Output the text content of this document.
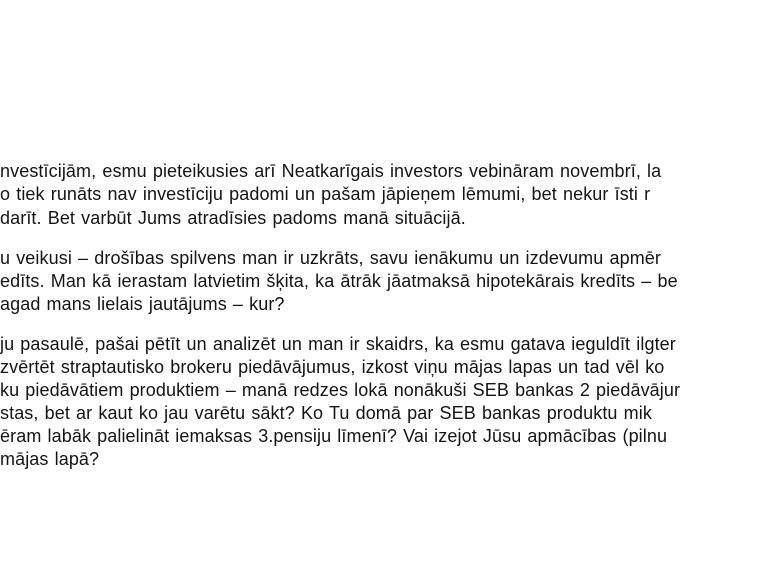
nvestīcijām, esmu pieteikusies arī Neatkarīgais investors vebināram novembrī, la
o tiek runāts nav investīciju padomi un pašam jāpieņem lēmumi, bet nekur īsti r
darīt. Bet varbūt Jums atradīsies padoms manā situācijā.
u veikusi – drošības spilvens man ir uzkrāts, savu ienākumu un izdevumu apmēr
edīts. Man kā ierastam latvietim šķita, ka ātrāk jāatmaksā hipotekārais kredīts – be
agad mans lielais jautājums – kur?
ju pasaulē, pašai pētīt un analizēt un man ir skaidrs, ka esmu gatava ieguldīt ilgter
zvērtēt straptautisko brokeru piedāvājumus, izkost viņu mājas lapas un tad vēl ko
ku piedāvātiem produktiem – manā redzes lokā nonākuši SEB bankas 2 piedāvājur
stas, bet ar kaut ko jau varētu sākt? Ko Tu domā par SEB bankas produktu mik
ēram labāk palielināt iemaksas 3.pensiju līmenī? Vai izejot Jūsu apmācības (pilnu
mājas lapā?
